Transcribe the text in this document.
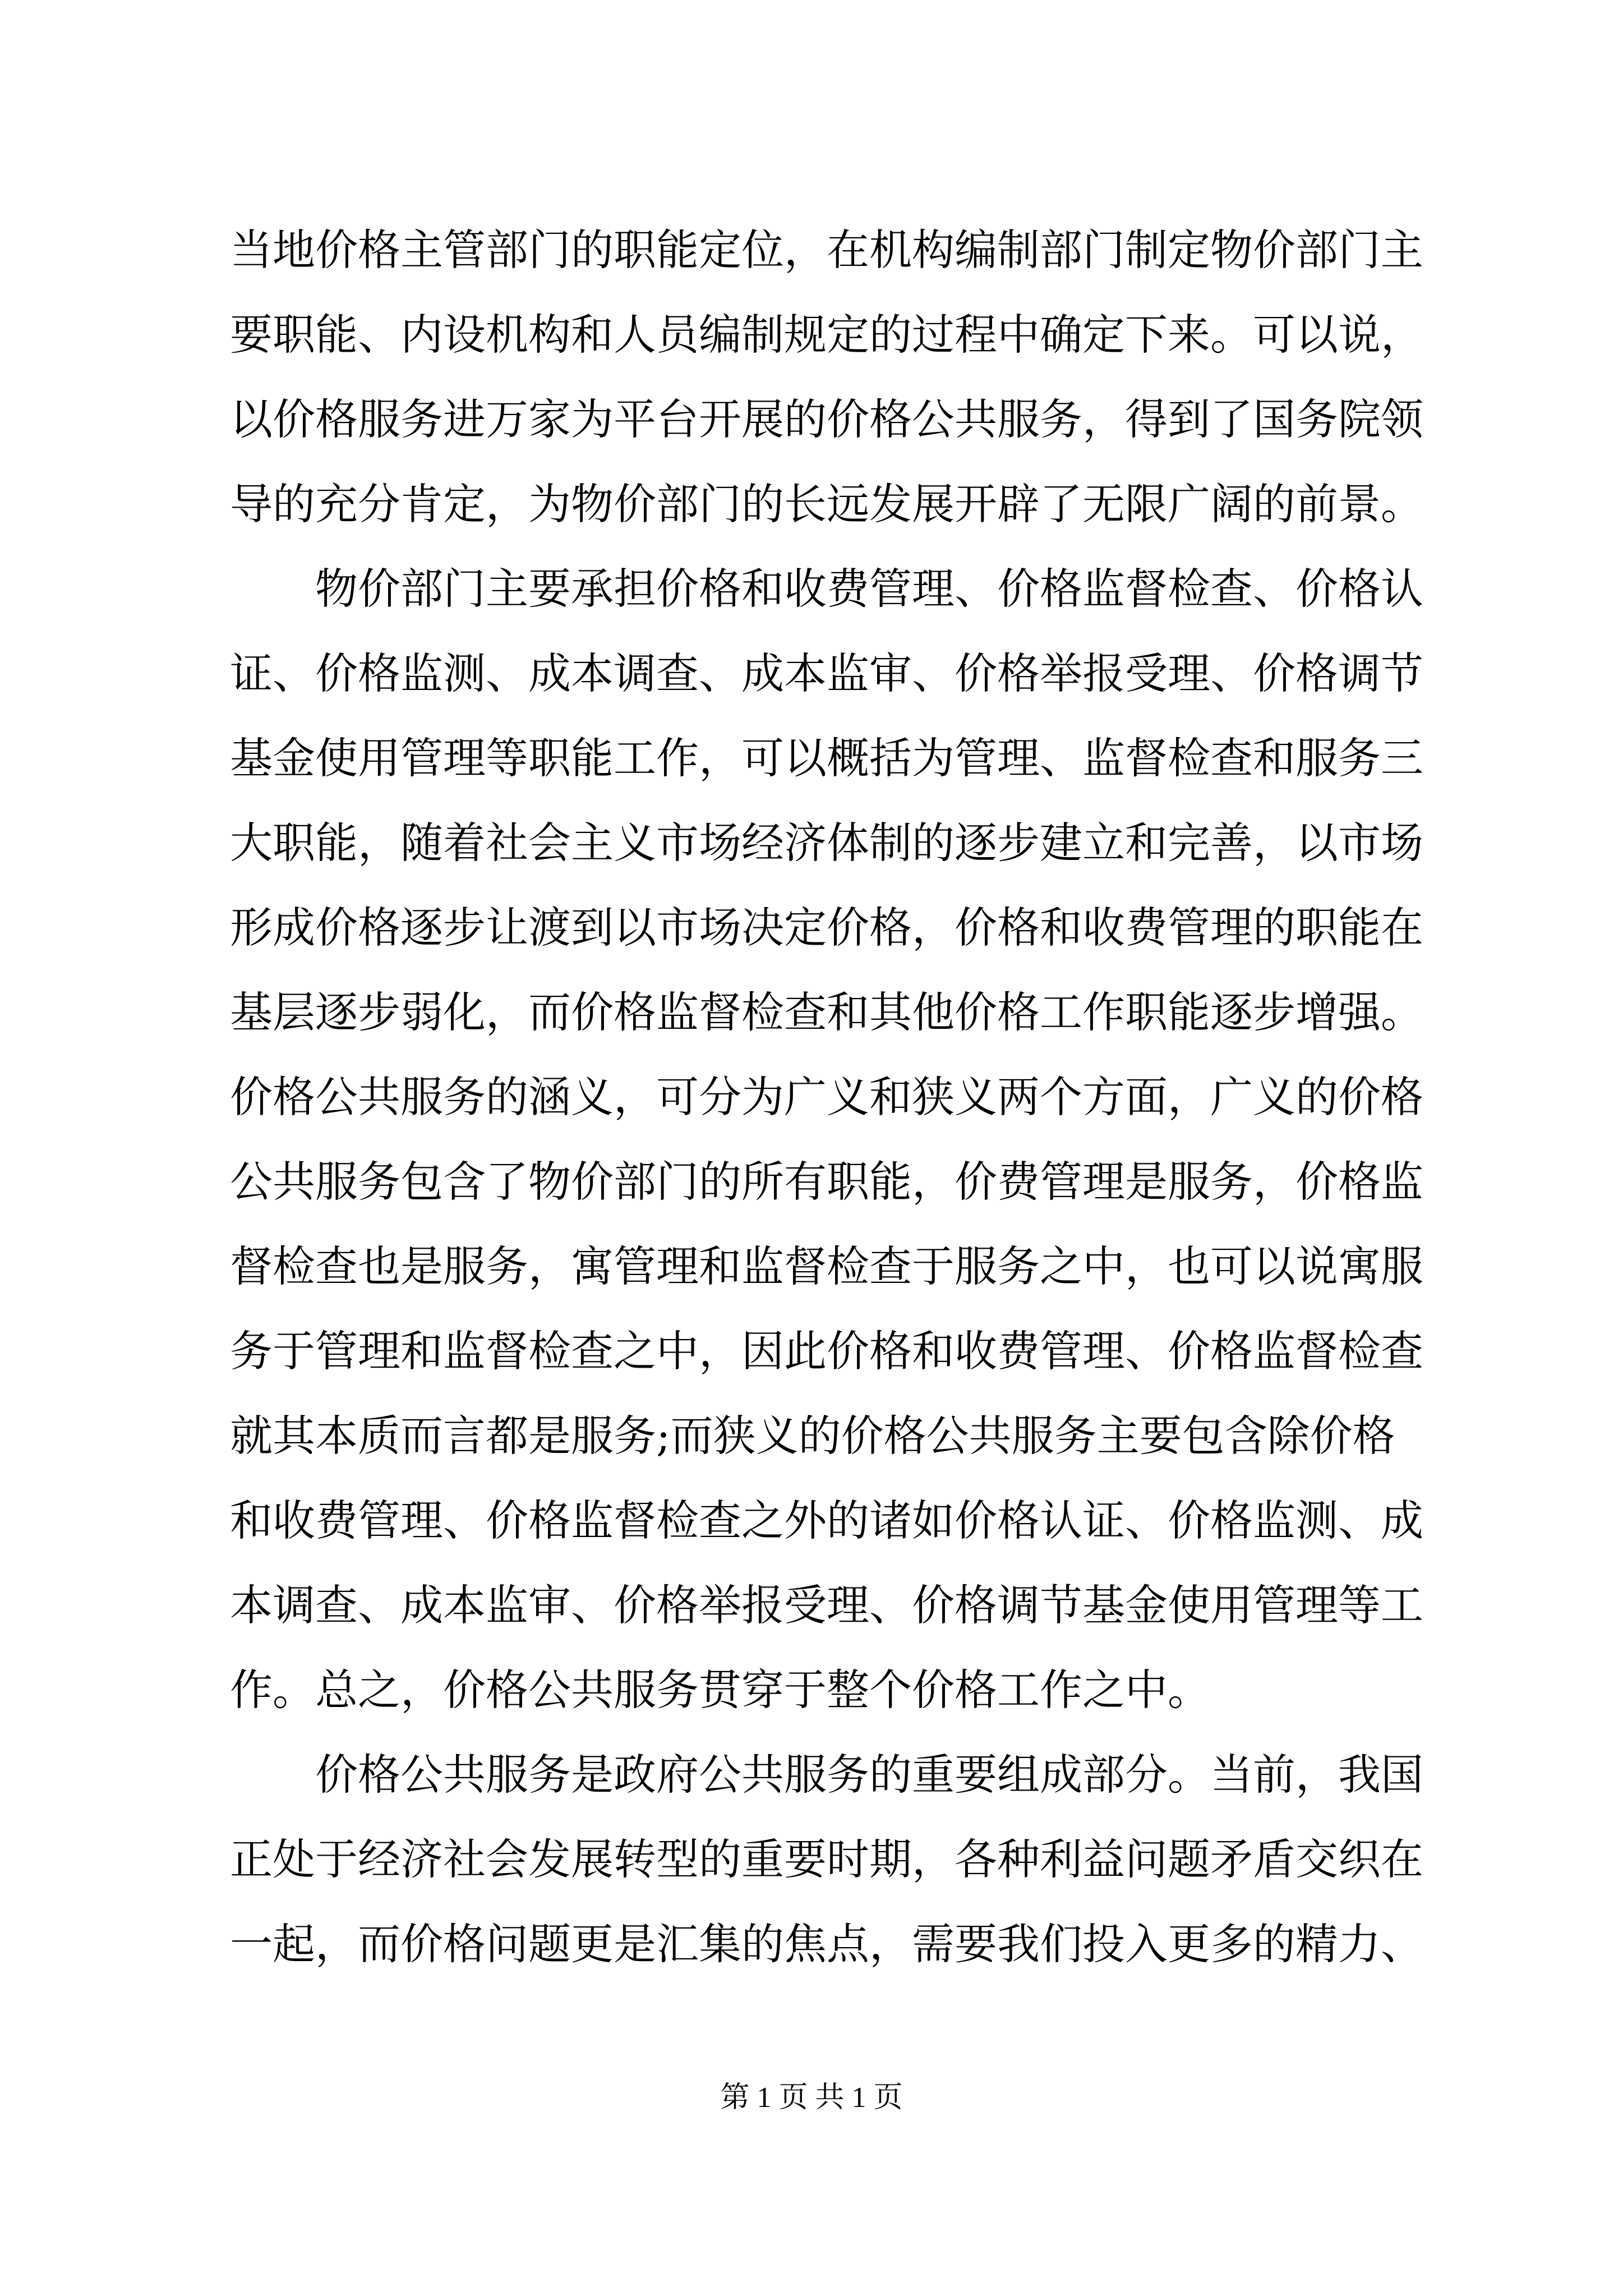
当地价格主管部门的职能定位，在机构编制部门制定物价部门主
要职能、内设机构和人员编制规定的过程中确定下来。可以说，
以价格服务进万家为平台开展的价格公共服务，得到了国务院领
导的充分肯定，为物价部门的长远发展开辟了无限广阔的前景。
物价部门主要承担价格和收费管理、价格监督检查、价格认
证、价格监测、成本调查、成本监审、价格举报受理、价格调节
基金使用管理等职能工作，可以概括为管理、监督检查和服务三
大职能，随着社会主义市场经济体制的逐步建立和完善，以市场
形成价格逐步让渡到以市场决定价格，价格和收费管理的职能在
基层逐步弱化，而价格监督检查和其他价格工作职能逐步增强。
价格公共服务的涵义，可分为广义和狭义两个方面，广义的价格
公共服务包含了物价部门的所有职能，价费管理是服务，价格监
督检查也是服务，寓管理和监督检查于服务之中，也可以说寓服
务于管理和监督检查之中，因此价格和收费管理、价格监督检查
就其本质而言都是服务;而狭义的价格公共服务主要包含除价格
和收费管理、价格监督检查之外的诸如价格认证、价格监测、成
本调查、成本监审、价格举报受理、价格调节基金使用管理等工
作。总之，价格公共服务贯穿于整个价格工作之中。
价格公共服务是政府公共服务的重要组成部分。当前，我国
正处于经济社会发展转型的重要时期，各种利益问题矛盾交织在
一起，而价格问题更是汇集的焦点，需要我们投入更多的精力、
第 1 页 共 1 页
